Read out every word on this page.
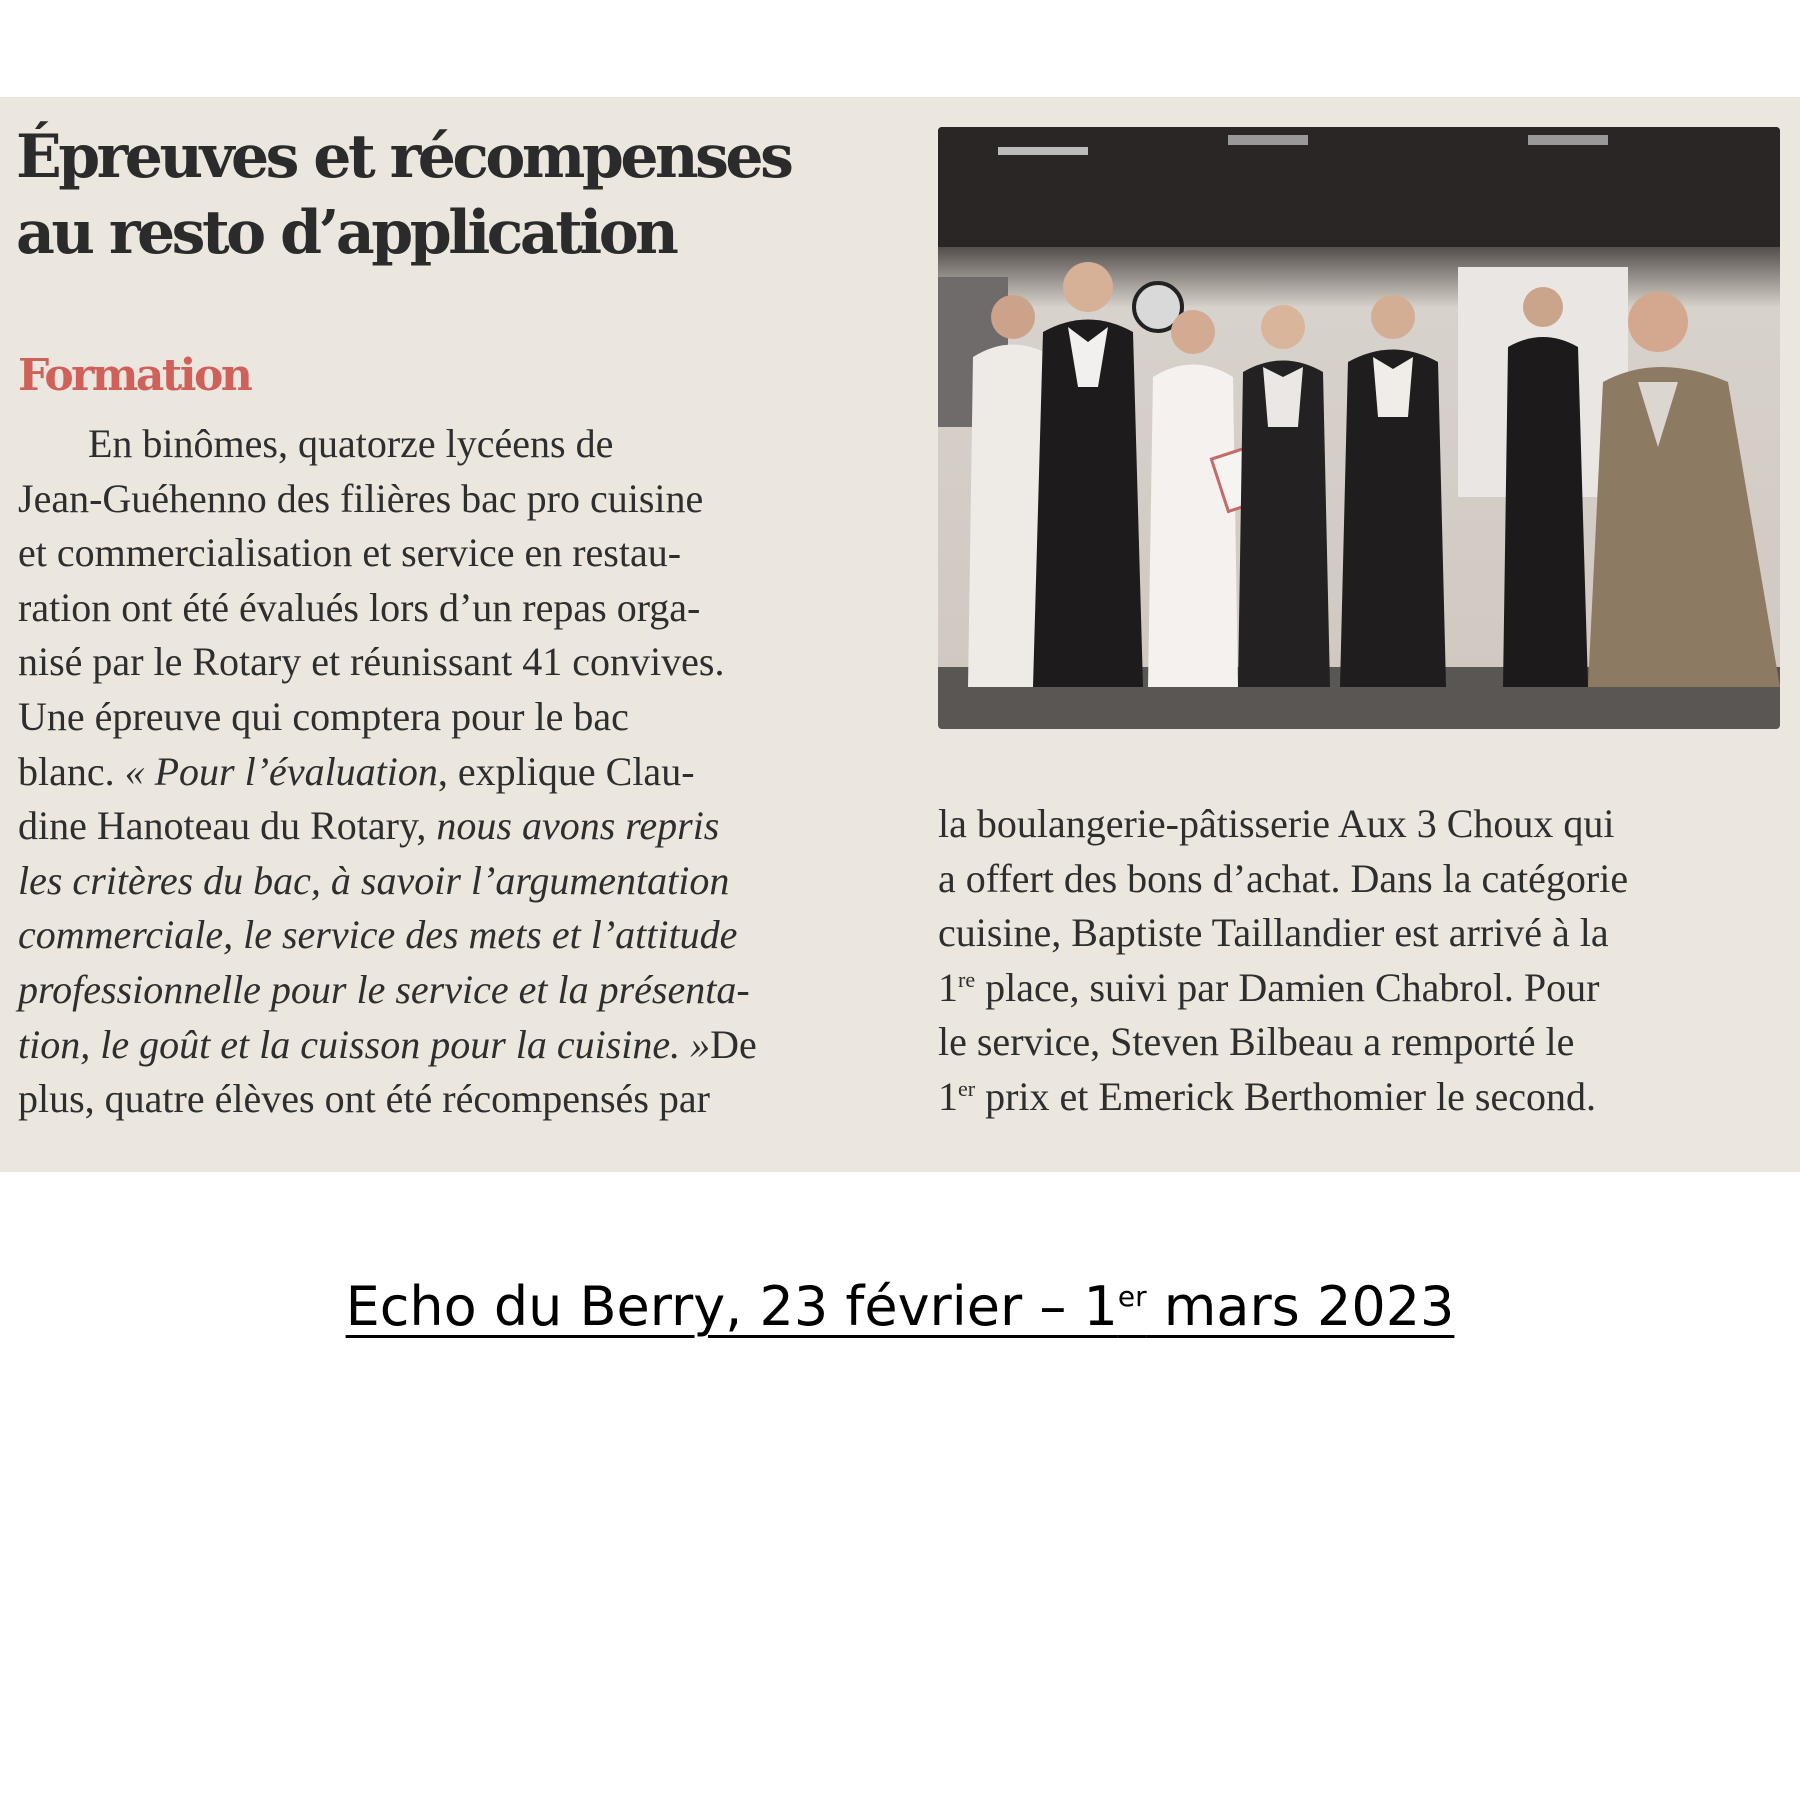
Épreuves et récompenses
au resto d’application
Formation
En binômes, quatorze lycéens de
Jean-Guéhenno des filières bac pro cuisine
et commercialisation et service en restau-
ration ont été évalués lors d’un repas orga-
nisé par le Rotary et réunissant 41 convives.
Une épreuve qui comptera pour le bac
blanc. « Pour l’évaluation, explique Clau-
dine Hanoteau du Rotary, nous avons repris
les critères du bac, à savoir l’argumentation
commerciale, le service des mets et l’attitude
professionnelle pour le service et la présenta-
tion, le goût et la cuisson pour la cuisine. »De
plus, quatre élèves ont été récompensés par
la boulangerie-pâtisserie Aux 3 Choux qui
a offert des bons d’achat. Dans la catégorie
cuisine, Baptiste Taillandier est arrivé à la
1re place, suivi par Damien Chabrol. Pour
le service, Steven Bilbeau a remporté le
1er prix et Emerick Berthomier le second.

Echo du Berry, 23 février – 1er mars 2023
